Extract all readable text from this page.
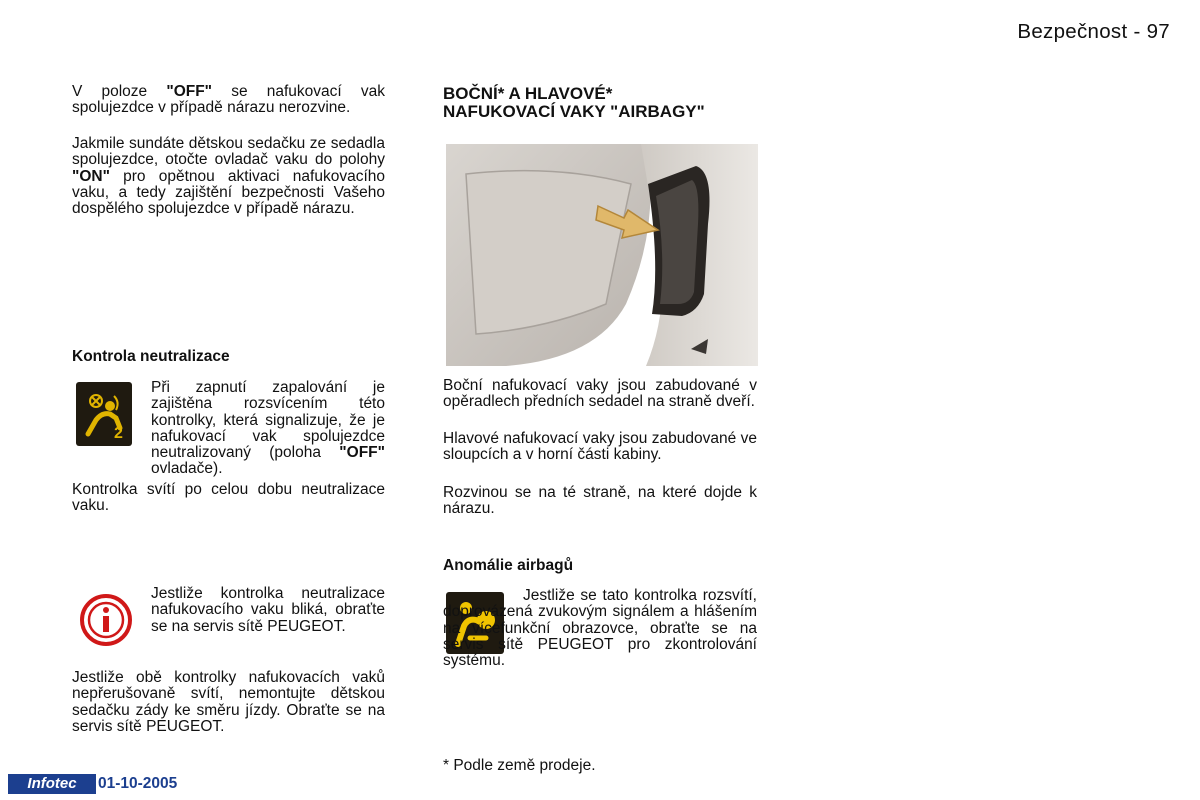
Bezpečnost - 97

V poloze "OFF" se nafukovací vak spolujezdce v případě nárazu nerozvine.

Jakmile sundáte dětskou sedačku ze sedadla spolujezdce, otočte ovladač vaku do polohy "ON" pro opětnou aktivaci nafukovacího vaku, a tedy zajištění bezpečnosti Vašeho dospělého spolujezdce v případě nárazu.

Kontrola neutralizace

2

Při zapnutí zapalování je zajištěna rozsvícením této kontrolky, která signalizuje, že je nafukovací vak spolujezdce neutralizovaný (poloha "OFF" ovladače).

Kontrolka svítí po celou dobu neutralizace vaku.

Jestliže kontrolka neutralizace nafukovacího vaku bliká, obraťte se na servis sítě PEUGEOT.

Jestliže obě kontrolky nafukovacích vaků nepřerušovaně svítí, nemontujte dětskou sedačku zády ke směru jízdy. Obraťte se na servis sítě PEUGEOT.

BOČNÍ* A HLAVOVÉ*

NAFUKOVACÍ VAKY "AIRBAGY"

Boční nafukovací vaky jsou zabudované v opěradlech předních sedadel na straně dveří.

Hlavové nafukovací vaky jsou zabudované ve sloupcích a v horní části kabiny.

Rozvinou se na té straně, na které dojde k nárazu.

Anomálie airbagů

Jestliže se tato kontrolka rozsvítí, doprovázená zvukovým signálem a hlášením na vícefunkční obrazovce, obraťte se na servis sítě PEUGEOT pro zkontrolování systému.

* Podle země prodeje.

Infotec	01-10-2005
